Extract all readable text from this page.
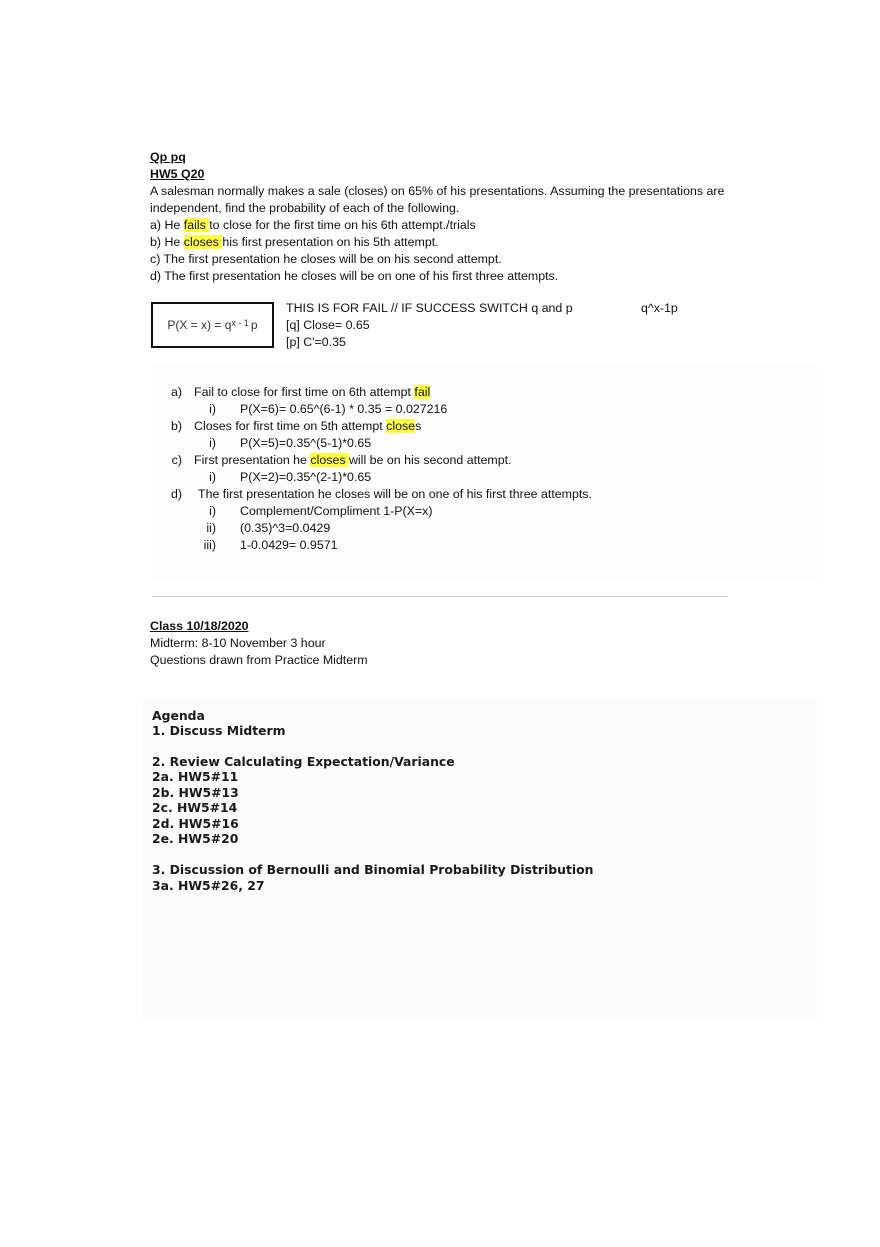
Qp pq
HW5 Q20
A salesman normally makes a sale (closes) on 65% of his presentations. Assuming the presentations are
independent, find the probability of each of the following.
a) He fails to close for the first time on his 6th attempt./trials
b) He closes his first presentation on his 5th attempt.
c) The first presentation he closes will be on his second attempt.
d) The first presentation he closes will be on one of his first three attempts.
$P(X = x) = q^{x - 1}$ p
THIS IS FOR FAIL // IF SUCCESS SWITCH q and p
[q] Close= 0.65
[p] C'=0.35
q^x-1p
a) Fail to close for first time on 6th attempt fail
i) P(X=6)= 0.65^(6-1) * 0.35 = 0.027216
b) Closes for first time on 5th attempt closes
i) P(X=5)=0.35^(5-1)*0.65
c) First presentation he closes will be on his second attempt.
i) P(X=2)=0.35^(2-1)*0.65
d) The first presentation he closes will be on one of his first three attempts.
i) Complement/Compliment 1-P(X=x)
ii) (0.35)^3=0.0429
iii) 1-0.0429= 0.9571
Class 10/18/2020
Midterm: 8-10 November 3 hour
Questions drawn from Practice Midterm
Agenda
1. Discuss Midterm
2. Review Calculating Expectation/Variance
2a. HW5#11
2b. HW5#13
2c. HW5#14
2d. HW5#16
2e. HW5#20
3. Discussion of Bernoulli and Binomial Probability Distribution
3a. HW5#26, 27
